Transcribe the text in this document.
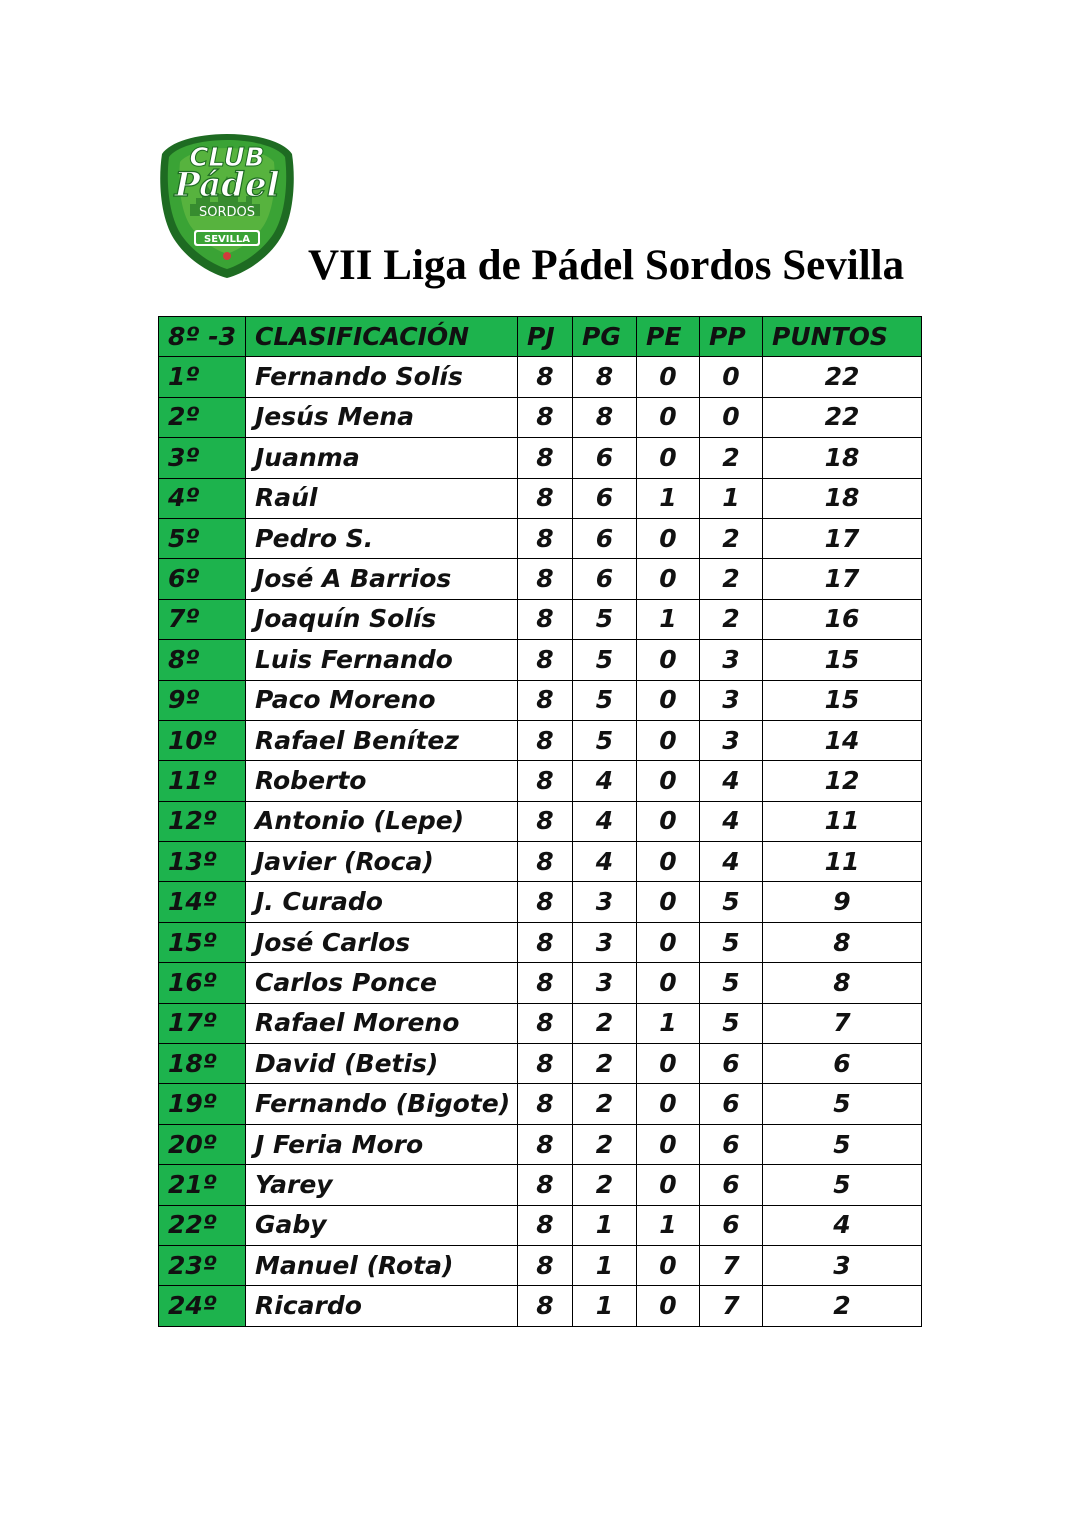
CLUB
Pádel
SORDOS
SEVILLA
VII Liga de Pádel Sordos Sevilla
8º -3	CLASIFICACIÓN	PJ	PG	PE	PP	PUNTOS
1º	Fernando Solís	8	8	0	0	22
2º	Jesús Mena	8	8	0	0	22
3º	Juanma	8	6	0	2	18
4º	Raúl	8	6	1	1	18
5º	Pedro S.	8	6	0	2	17
6º	José A Barrios	8	6	0	2	17
7º	Joaquín Solís	8	5	1	2	16
8º	Luis Fernando	8	5	0	3	15
9º	Paco Moreno	8	5	0	3	15
10º	Rafael Benítez	8	5	0	3	14
11º	Roberto	8	4	0	4	12
12º	Antonio (Lepe)	8	4	0	4	11
13º	Javier (Roca)	8	4	0	4	11
14º	J. Curado	8	3	0	5	9
15º	José Carlos	8	3	0	5	8
16º	Carlos Ponce	8	3	0	5	8
17º	Rafael Moreno	8	2	1	5	7
18º	David (Betis)	8	2	0	6	6
19º	Fernando (Bigote)	8	2	0	6	5
20º	J Feria Moro	8	2	0	6	5
21º	Yarey	8	2	0	6	5
22º	Gaby	8	1	1	6	4
23º	Manuel (Rota)	8	1	0	7	3
24º	Ricardo	8	1	0	7	2
